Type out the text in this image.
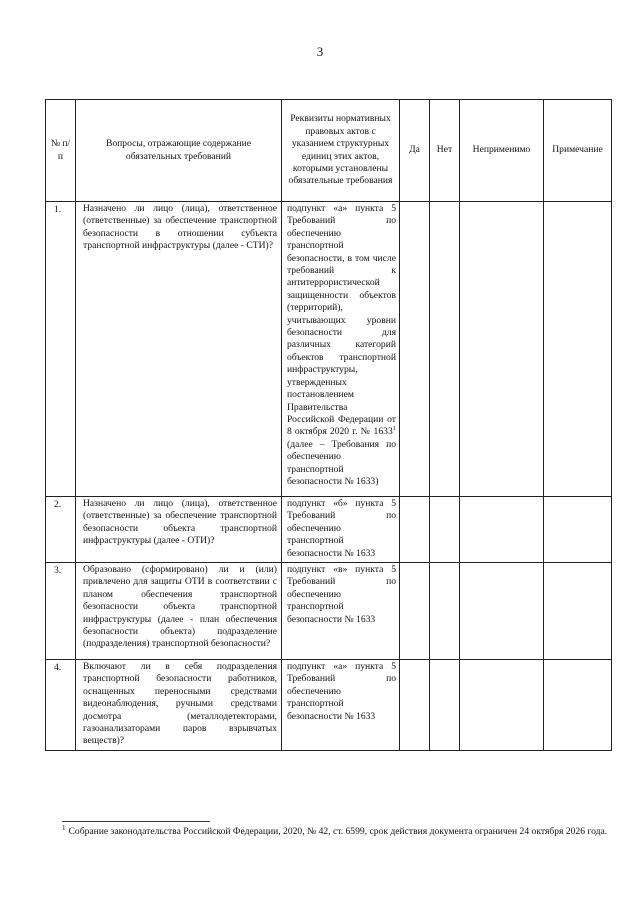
3
№ п/п	Вопросы, отражающие содержание обязательных требований	Реквизиты нормативных правовых актов с указанием структурных единиц этих актов, которыми установлены обязательные требования	Да	Нет	Неприменимо	Примечание

1.	Назначено ли лицо (лица), ответственное (ответственные) за обеспечение транспортной безопасности в отношении субъекта транспортной инфраструктуры (далее - СТИ)?	подпункт «а» пункта 5 Требований по обеспечению транспортной безопасности, в том числе требований к антитеррористической защищенности объектов (территорий), учитывающих уровни безопасности для различных категорий объектов транспортной инфраструктуры, утвержденных постановлением Правительства Российской Федерации от 8 октября 2020 г. № 1633$^1$ (далее – Требования по обеспечению транспортной безопасности № 1633)				

2.	Назначено ли лицо (лица), ответственное (ответственные) за обеспечение транспортной безопасности объекта транспортной инфраструктуры (далее - ОТИ)?	подпункт «б» пункта 5 Требований по обеспечению транспортной безопасности № 1633				

3.	Образовано (сформировано) ли и (или) привлечено для защиты ОТИ в соответствии с планом обеспечения транспортной безопасности объекта транспортной инфраструктуры (далее - план обеспечения безопасности объекта) подразделение (подразделения) транспортной безопасности?	подпункт «в» пункта 5 Требований по обеспечению транспортной безопасности № 1633				

4.	Включают ли в себя подразделения транспортной безопасности работников, оснащенных переносными средствами видеонаблюдения, ручными средствами досмотра (металлодетекторами, газоанализаторами паров взрывчатых веществ)?	подпункт «а» пункта 5 Требований по обеспечению транспортной безопасности № 1633				

$^1$ Собрание законодательства Российской Федерации, 2020, № 42, ст. 6599, срок действия документа ограничен 24 октября 2026 года.
